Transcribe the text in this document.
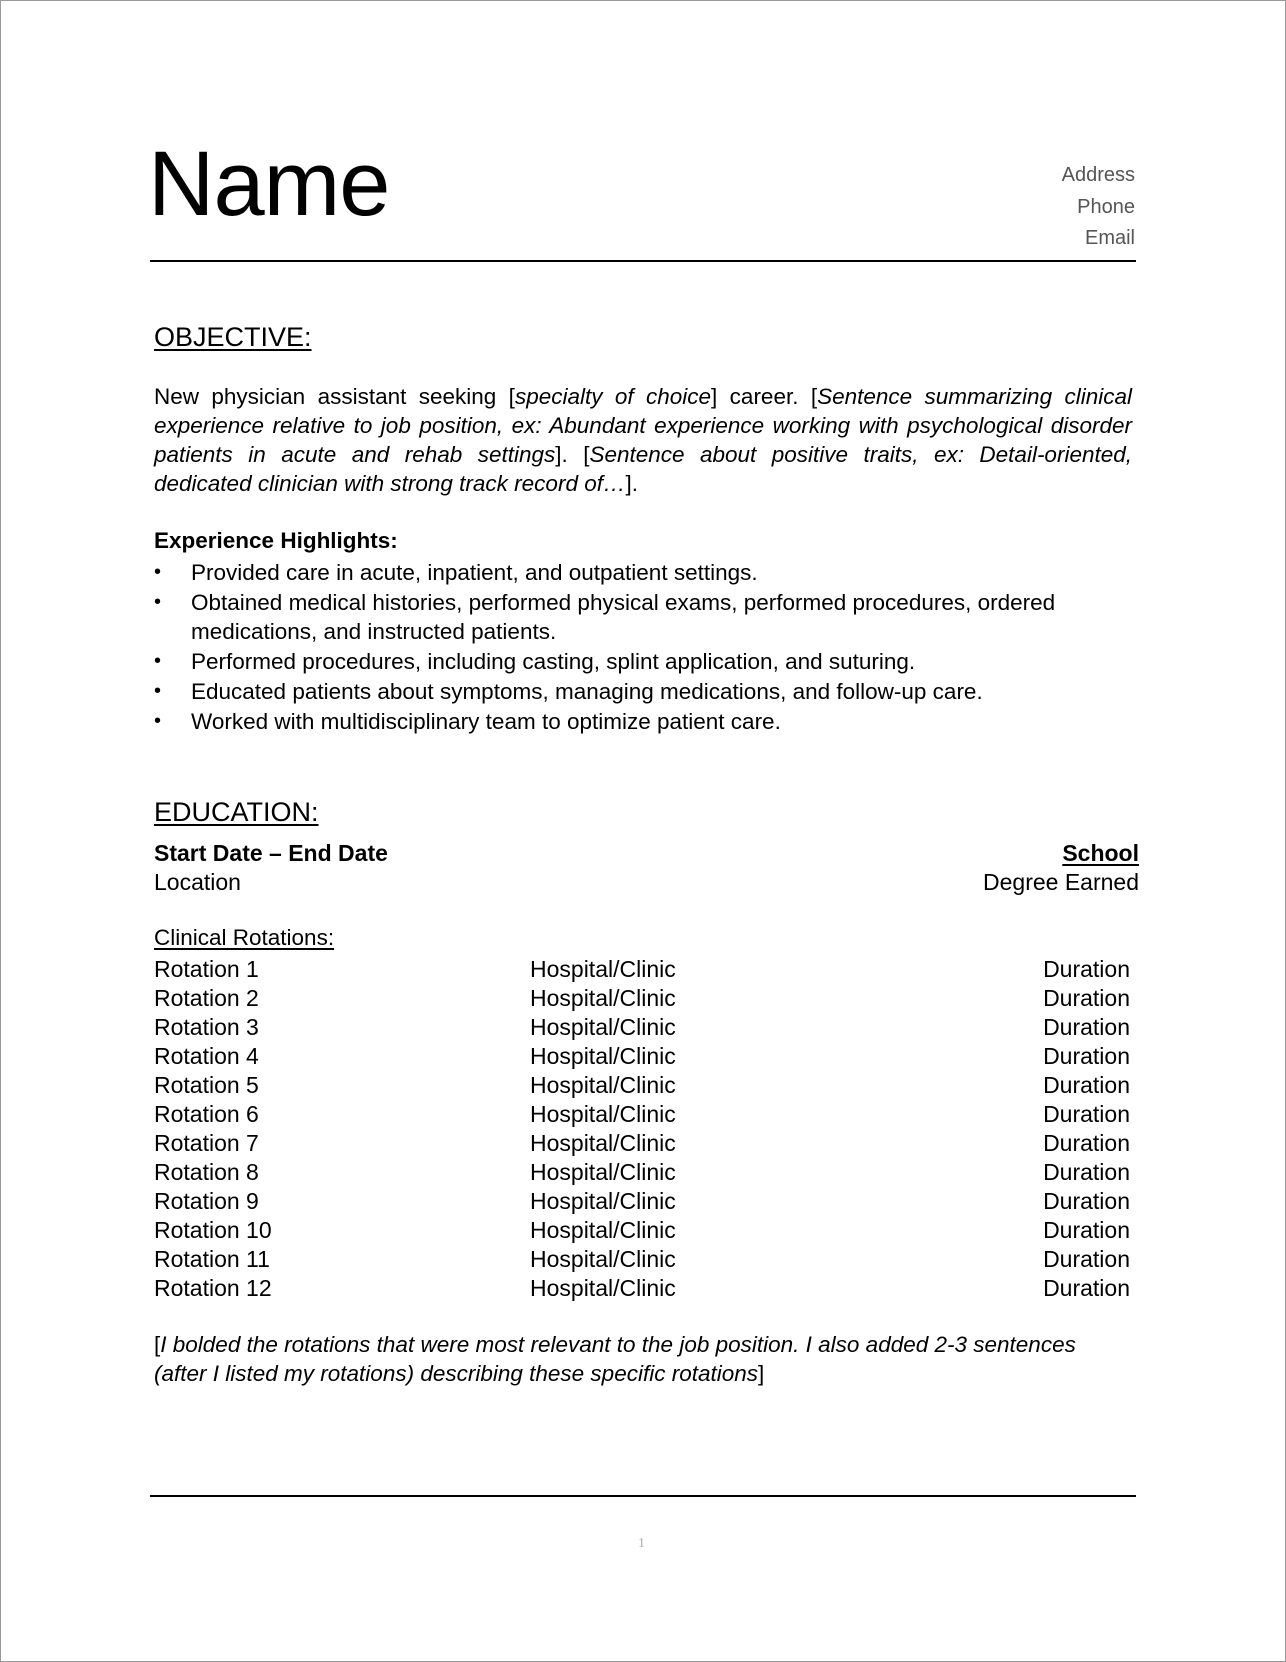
Name	Address
Phone
Email
OBJECTIVE:

New physician assistant seeking [specialty of choice] career. [Sentence summarizing clinical experience relative to job position, ex: Abundant experience working with psychological disorder patients in acute and rehab settings]. [Sentence about positive traits, ex: Detail-oriented, dedicated clinician with strong track record of…].

Experience Highlights:
• Provided care in acute, inpatient, and outpatient settings.
• Obtained medical histories, performed physical exams, performed procedures, ordered medications, and instructed patients.
• Performed procedures, including casting, splint application, and suturing.
• Educated patients about symptoms, managing medications, and follow-up care.
• Worked with multidisciplinary team to optimize patient care.
EDUCATION:
Start Date – End Date	School
Location	Degree Earned
Clinical Rotations:
Rotation 1	Hospital/Clinic	Duration
Rotation 2	Hospital/Clinic	Duration
Rotation 3	Hospital/Clinic	Duration
Rotation 4	Hospital/Clinic	Duration
Rotation 5	Hospital/Clinic	Duration
Rotation 6	Hospital/Clinic	Duration
Rotation 7	Hospital/Clinic	Duration
Rotation 8	Hospital/Clinic	Duration
Rotation 9	Hospital/Clinic	Duration
Rotation 10	Hospital/Clinic	Duration
Rotation 11	Hospital/Clinic	Duration
Rotation 12	Hospital/Clinic	Duration

[I bolded the rotations that were most relevant to the job position. I also added 2-3 sentences (after I listed my rotations) describing these specific rotations]

1
